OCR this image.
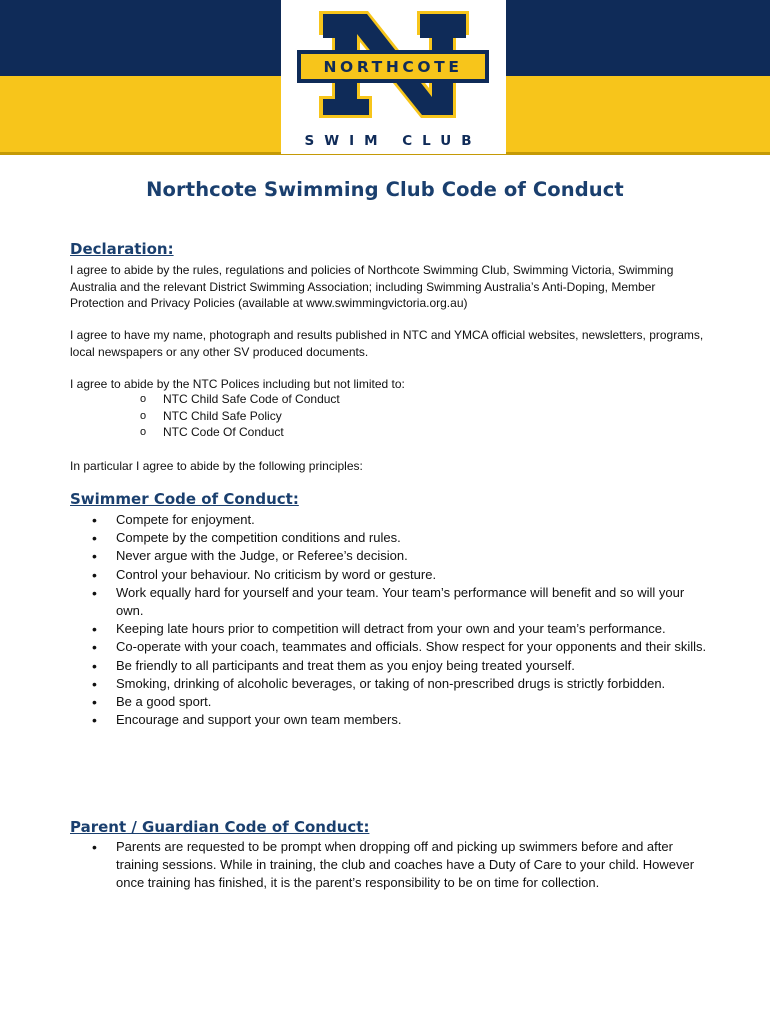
NORTHCOTE
SWIM CLUB
Northcote Swimming Club Code of Conduct
Declaration:

I agree to abide by the rules, regulations and policies of Northcote Swimming Club, Swimming Victoria, Swimming Australia and the relevant District Swimming Association; including Swimming Australia’s Anti-Doping, Member Protection and Privacy Policies (available at www.swimmingvictoria.org.au)

I agree to have my name, photograph and results published in NTC and YMCA official websites, newsletters, programs, local newspapers or any other SV produced documents.

I agree to abide by the NTC Polices including but not limited to:

o NTC Child Safe Code of Conduct
o NTC Child Safe Policy
o NTC Code Of Conduct

In particular I agree to abide by the following principles:

Swimmer Code of Conduct:
• Compete for enjoyment.
• Compete by the competition conditions and rules.
• Never argue with the Judge, or Referee’s decision.
• Control your behaviour. No criticism by word or gesture.
• Work equally hard for yourself and your team. Your team’s performance will benefit and so will your own.
• Keeping late hours prior to competition will detract from your own and your team’s performance.
• Co-operate with your coach, teammates and officials. Show respect for your opponents and their skills.
• Be friendly to all participants and treat them as you enjoy being treated yourself.
• Smoking, drinking of alcoholic beverages, or taking of non-prescribed drugs is strictly forbidden.
• Be a good sport.
• Encourage and support your own team members.
Parent / Guardian Code of Conduct:
• Parents are requested to be prompt when dropping off and picking up swimmers before and after training sessions. While in training, the club and coaches have a Duty of Care to your child. However once training has finished, it is the parent’s responsibility to be on time for collection.
